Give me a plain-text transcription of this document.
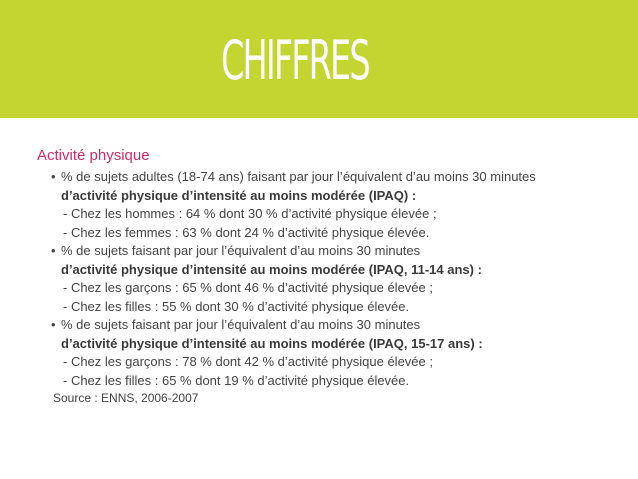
CHIFFRES
Activité physique
• % de sujets adultes (18-74 ans) faisant par jour l’équivalent d’au moins 30 minutes
d’activité physique d’intensité au moins modérée (IPAQ) :
- Chez les hommes : 64 % dont 30 % d’activité physique élevée ;
- Chez les femmes : 63 % dont 24 % d’activité physique élevée.
• % de sujets faisant par jour l’équivalent d’au moins 30 minutes
d’activité physique d’intensité au moins modérée (IPAQ, 11-14 ans) :
- Chez les garçons : 65 % dont 46 % d’activité physique élevée ;
- Chez les filles : 55 % dont 30 % d’activité physique élevée.
• % de sujets faisant par jour l’équivalent d’au moins 30 minutes
d’activité physique d’intensité au moins modérée (IPAQ, 15-17 ans) :
- Chez les garçons : 78 % dont 42 % d’activité physique élevée ;
- Chez les filles : 65 % dont 19 % d’activité physique élevée.
Source : ENNS, 2006-2007
